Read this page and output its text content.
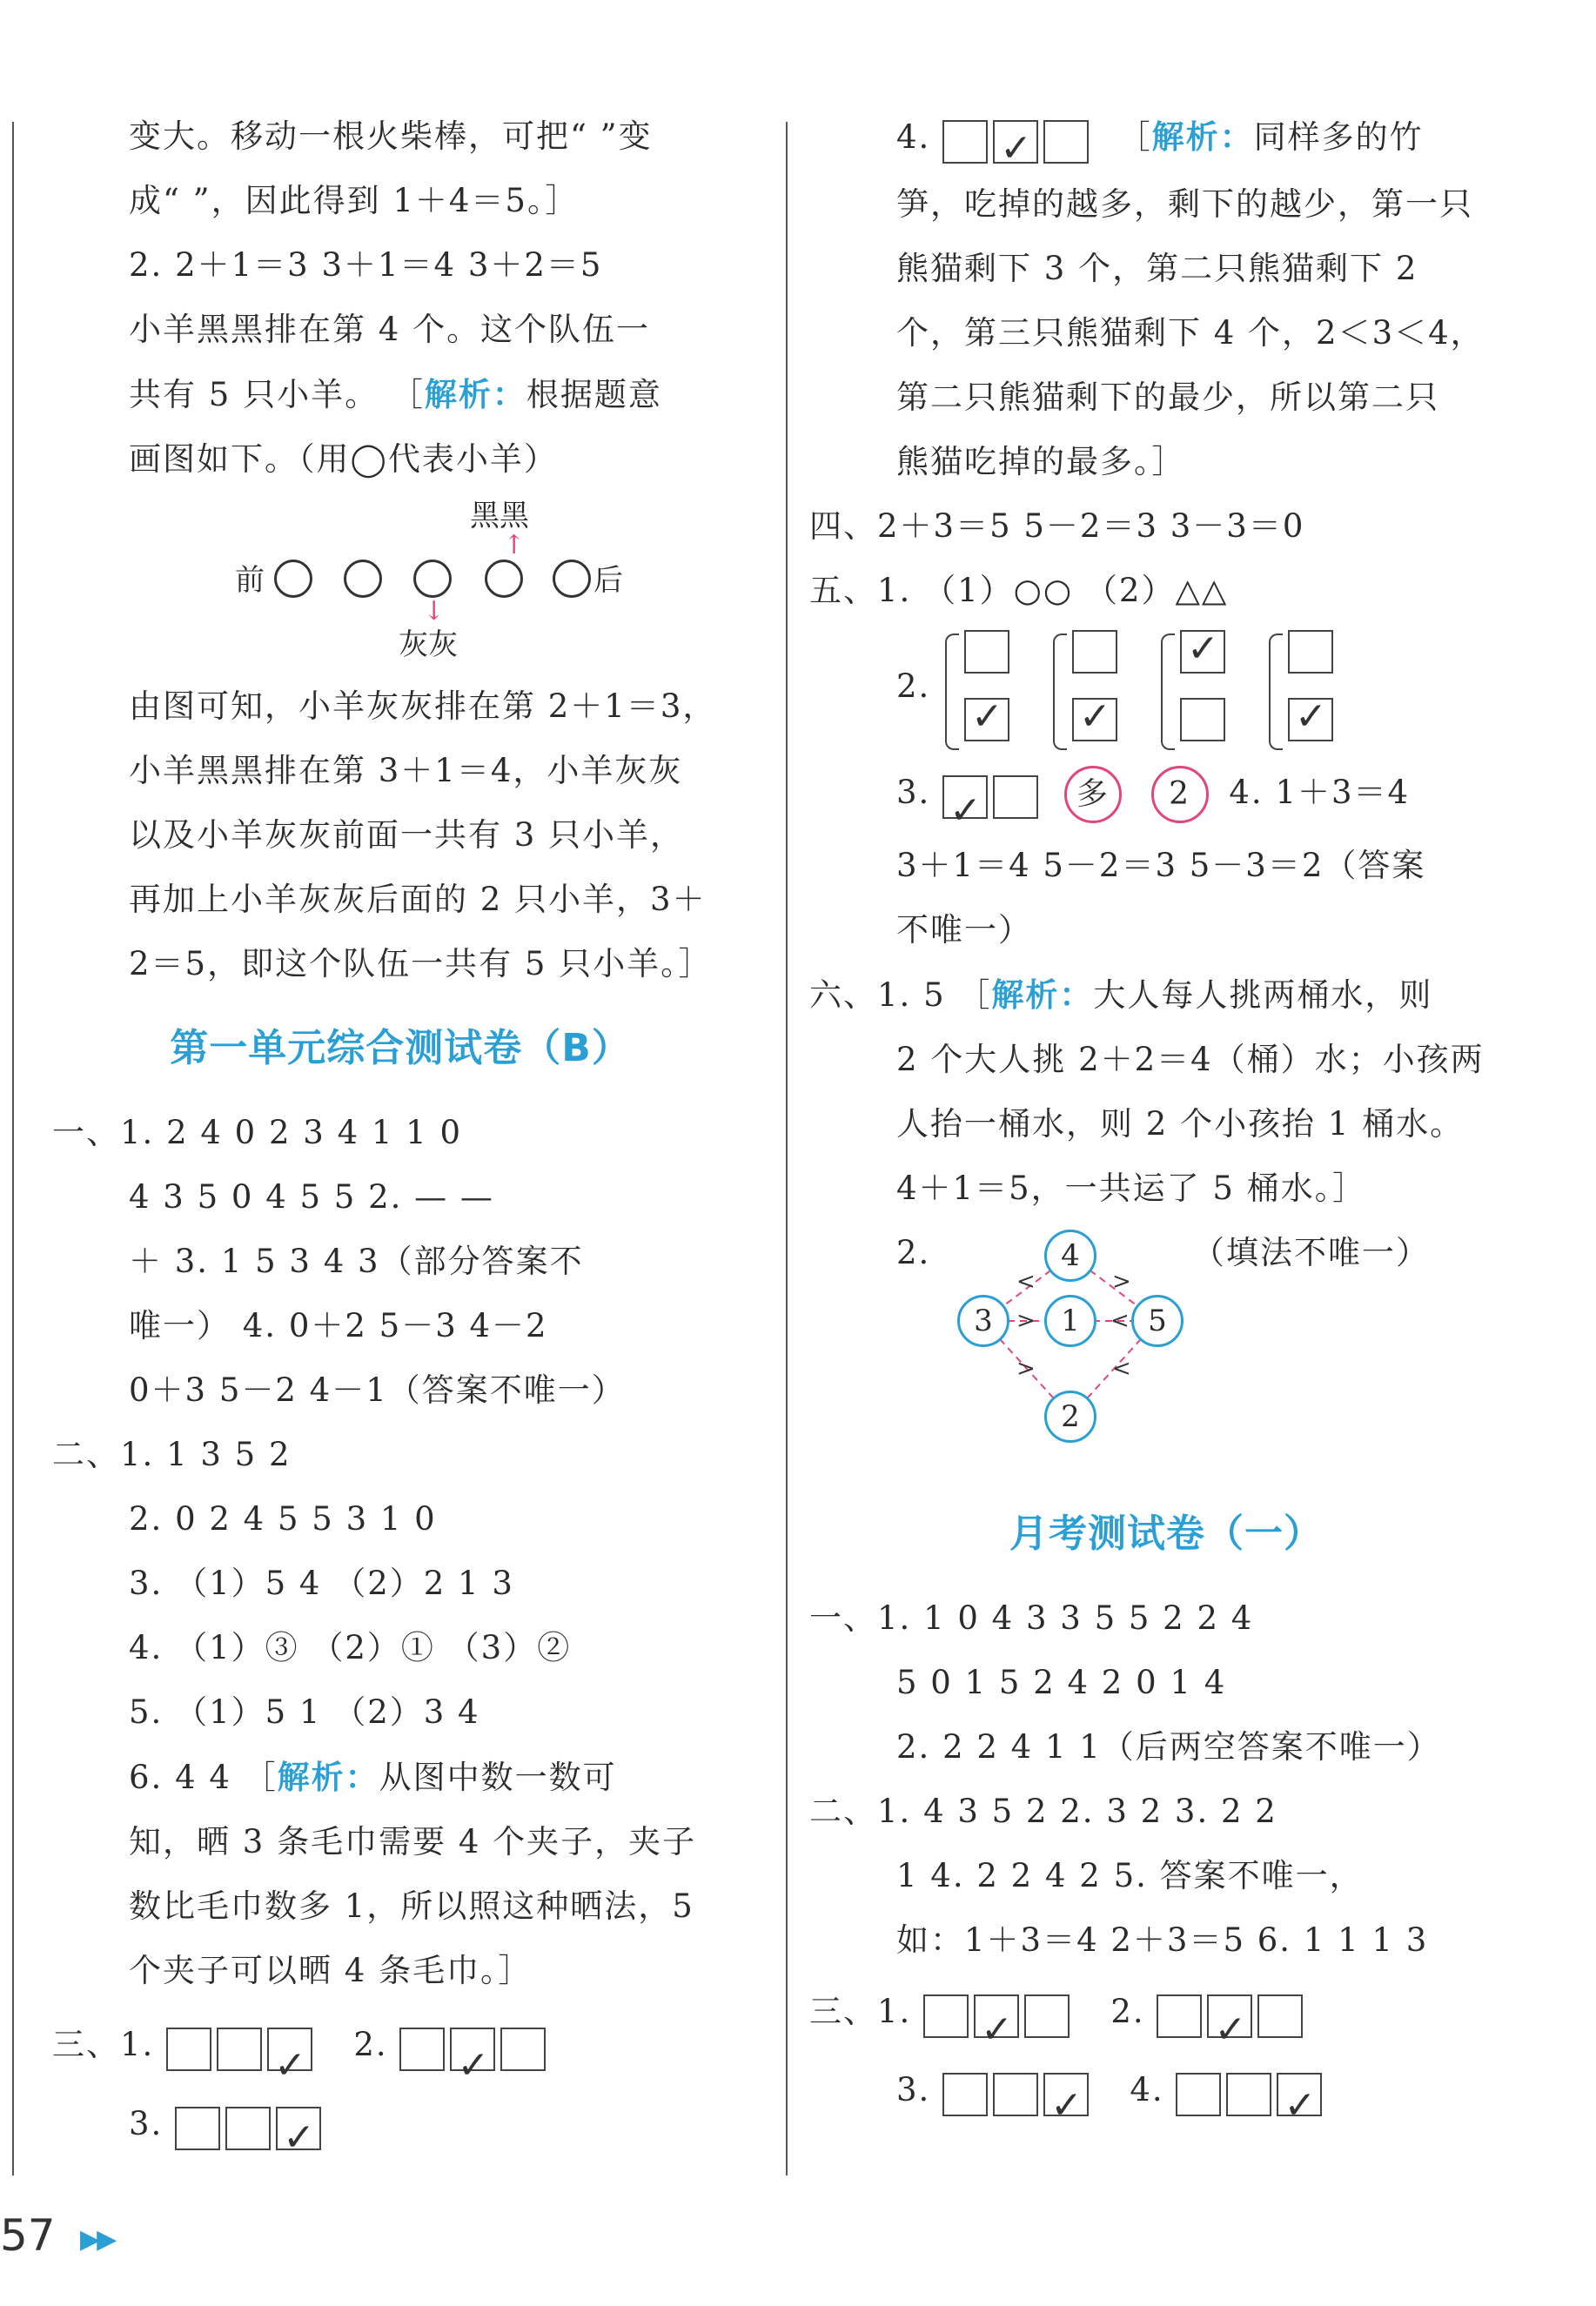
变大。移动一根火柴棒，可把“ ”变
成“ ”，因此得到 1＋4＝5。］
2. 2＋1＝3 3＋1＝4 3＋2＝5
小羊黑黑排在第 4 个。这个队伍一
共有 5 只小羊。 ［解析：根据题意
画图如下。（用◯代表小羊）
黑黑
↑
前	后
↓
灰灰
由图可知，小羊灰灰排在第 2＋1＝3，
小羊黑黑排在第 3＋1＝4，小羊灰灰
以及小羊灰灰前面一共有 3 只小羊，
再加上小羊灰灰后面的 2 只小羊，3＋
2＝5，即这个队伍一共有 5 只小羊。］
第一单元综合测试卷（B）
一、1. 2 4 0 2 3 4 1 1 0
4 3 5 0 4 5 5 2. — —
＋ 3. 1 5 3 4 3（部分答案不
唯一） 4. 0＋2 5－3 4－2
0＋3 5－2 4－1（答案不唯一）
二、1. 1 3 5 2
2. 0 2 4 5 5 3 1 0
3. （1）5 4 （2）2 1 3
4. （1）③ （2）① （3）②
5. （1）5 1 （2）3 4
6. 4 4 ［解析：从图中数一数可
知，晒 3 条毛巾需要 4 个夹子，夹子
数比毛巾数多 1，所以照这种晒法，5
个夹子可以晒 4 条毛巾。］
三、1. ✓	2. ✓
3. ✓
4. ✓	［解析：同样多的竹
笋，吃掉的越多，剩下的越少，第一只
熊猫剩下 3 个，第二只熊猫剩下 2
个，第三只熊猫剩下 4 个，2＜3＜4，
第二只熊猫剩下的最少，所以第二只
熊猫吃掉的最多。］
四、2＋3＝5 5－2＝3 3－3＝0
五、1. （1）○○ （2）△△
2.
✓
✓
✓
✓
3. ✓	多 2 4. 1＋3＝4
3＋1＝4 5－2＝3 5－3＝2（答案
不唯一）
六、1. 5 ［解析：大人每人挑两桶水，则
2 个大人挑 2＋2＝4（桶）水；小孩两
人抬一桶水，则 2 个小孩抬 1 桶水。
4＋1＝5，一共运了 5 桶水。］
2.	（填法不唯一）
<	>
>	<
>	<
4
3	1	5
2
月考测试卷（一）
一、1. 1 0 4 3 3 5 5 2 2 4
5 0 1 5 2 4 2 0 1 4
2. 2 2 4 1 1（后两空答案不唯一）
二、1. 4 3 5 2 2. 3 2 3. 2 2
1 4. 2 2 4 2 5. 答案不唯一，
如：1＋3＝4 2＋3＝5 6. 1 1 1 3
三、1. ✓	2. ✓
3. ✓	4. ✓
57 ▶▶
